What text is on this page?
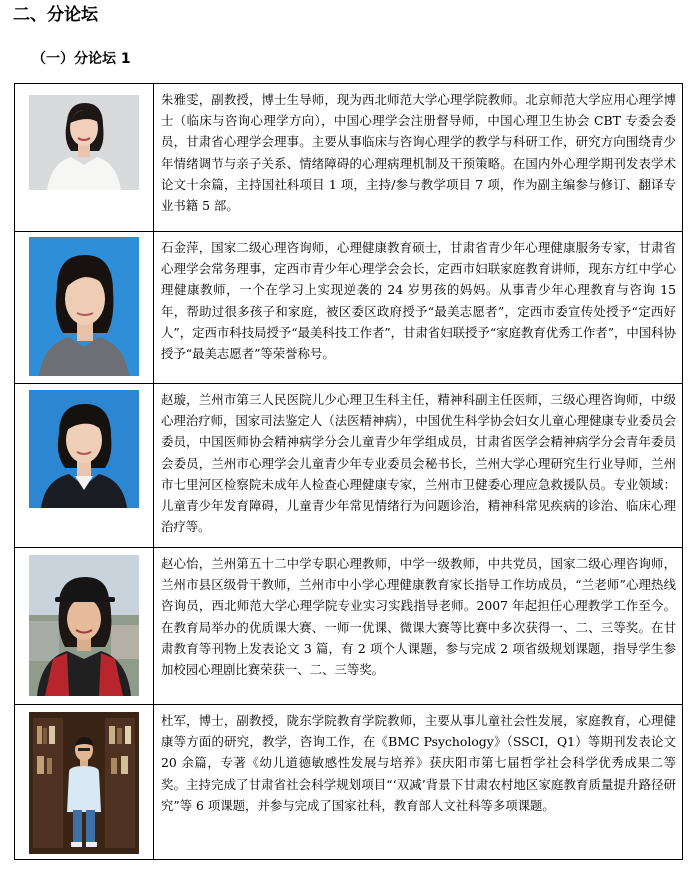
二、分论坛
（一）分论坛 1
	朱雅雯，副教授，博士生导师，现为西北师范大学心理学院教师。北京师范大学应用心理学博士（临床与咨询心理学方向），中国心理学会注册督导师，中国心理卫生协会 CBT 专委会委员，甘肃省心理学会理事。主要从事临床与咨询心理学的教学与科研工作，研究方向围绕青少年情绪调节与亲子关系、情绪障碍的心理病理机制及干预策略。在国内外心理学期刊发表学术论文十余篇，主持国社科项目 1 项，主持/参与教学项目 7 项，作为副主编参与修订、翻译专业书籍 5 部。

	石金萍，国家二级心理咨询师，心理健康教育硕士，甘肃省青少年心理健康服务专家，甘肃省心理学会常务理事，定西市青少年心理学会会长，定西市妇联家庭教育讲师，现东方红中学心理健康教师，一个在学习上实现逆袭的 24 岁男孩的妈妈。从事青少年心理教育与咨询 15 年，帮助过很多孩子和家庭，被区委区政府授予“最美志愿者”，定西市委宣传处授予“定西好人”，定西市科技局授予“最美科技工作者”，甘肃省妇联授予“家庭教育优秀工作者”，中国科协授予“最美志愿者”等荣誉称号。

	赵璇，兰州市第三人民医院儿少心理卫生科主任，精神科副主任医师，三级心理咨询师，中级心理治疗师，国家司法鉴定人（法医精神病），中国优生科学协会妇女儿童心理健康专业委员会委员，中国医师协会精神病学分会儿童青少年学组成员，甘肃省医学会精神病学分会青年委员会委员，兰州市心理学会儿童青少年专业委员会秘书长，兰州大学心理研究生行业导师，兰州市七里河区检察院未成年人检查心理健康专家，兰州市卫健委心理应急救援队员。专业领域：儿童青少年发育障碍，儿童青少年常见情绪行为问题诊治，精神科常见疾病的诊治、临床心理治疗等。

	赵心怡，兰州第五十二中学专职心理教师，中学一级教师，中共党员，国家二级心理咨询师，兰州市县区级骨干教师，兰州市中小学心理健康教育家长指导工作坊成员，“兰老师”心理热线咨询员，西北师范大学心理学院专业实习实践指导老师。2007 年起担任心理教学工作至今。在教育局举办的优质课大赛、一师一优课、微课大赛等比赛中多次获得一、二、三等奖。在甘肃教育等刊物上发表论文 3 篇，有 2 项个人课题，参与完成 2 项省级规划课题，指导学生参加校园心理剧比赛荣获一、二、三等奖。

	杜军，博士，副教授，陇东学院教育学院教师，主要从事儿童社会性发展，家庭教育，心理健康等方面的研究，教学，咨询工作，在《BMC Psychology》（SSCI，Q1）等期刊发表论文 20 余篇，专著《幼儿道德敏感性发展与培养》获庆阳市第七届哲学社会科学优秀成果二等奖。主持完成了甘肃省社会科学规划项目“‘双减’背景下甘肃农村地区家庭教育质量提升路径研究”等 6 项课题，并参与完成了国家社科，教育部人文社科等多项课题。
